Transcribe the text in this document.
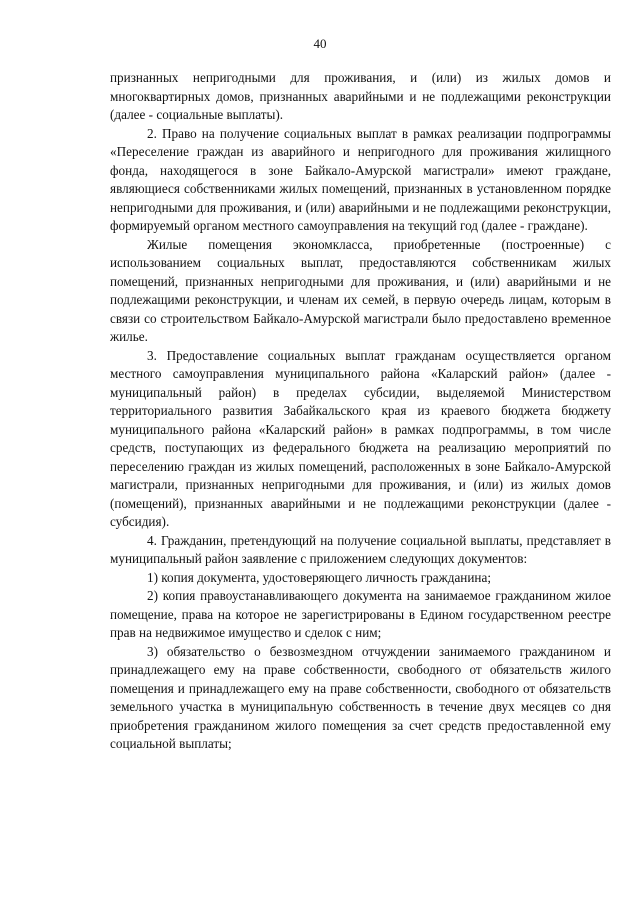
40

признанных непригодными для проживания, и (или) из жилых домов и многоквартирных домов, признанных аварийными и не подлежащими реконструкции (далее - социальные выплаты).

2. Право на получение социальных выплат в рамках реализации подпрограммы «Переселение граждан из аварийного и непригодного для проживания жилищного фонда, находящегося в зоне Байкало-Амурской магистрали» имеют граждане, являющиеся собственниками жилых помещений, признанных в установленном порядке непригодными для проживания, и (или) аварийными и не подлежащими реконструкции, формируемый органом местного самоуправления на текущий год (далее - граждане).

Жилые помещения экономкласса, приобретенные (построенные) с использованием социальных выплат, предоставляются собственникам жилых помещений, признанных непригодными для проживания, и (или) аварийными и не подлежащими реконструкции, и членам их семей, в первую очередь лицам, которым в связи со строительством Байкало-Амурской магистрали было предоставлено временное жилье.

3. Предоставление социальных выплат гражданам осуществляется органом местного самоуправления муниципального района «Каларский район» (далее - муниципальный район) в пределах субсидии, выделяемой Министерством территориального развития Забайкальского края из краевого бюджета бюджету муниципального района «Каларский район» в рамках подпрограммы, в том числе средств, поступающих из федерального бюджета на реализацию мероприятий по переселению граждан из жилых помещений, расположенных в зоне Байкало-Амурской магистрали, признанных непригодными для проживания, и (или) из жилых домов (помещений), признанных аварийными и не подлежащими реконструкции (далее - субсидия).

4. Гражданин, претендующий на получение социальной выплаты, представляет в муниципальный район заявление с приложением следующих документов:

1) копия документа, удостоверяющего личность гражданина;

2) копия правоустанавливающего документа на занимаемое гражданином жилое помещение, права на которое не зарегистрированы в Едином государственном реестре прав на недвижимое имущество и сделок с ним;

3) обязательство о безвозмездном отчуждении занимаемого гражданином и принадлежащего ему на праве собственности, свободного от обязательств жилого помещения и принадлежащего ему на праве собственности, свободного от обязательств земельного участка в муниципальную собственность в течение двух месяцев со дня приобретения гражданином жилого помещения за счет средств предоставленной ему социальной выплаты;
